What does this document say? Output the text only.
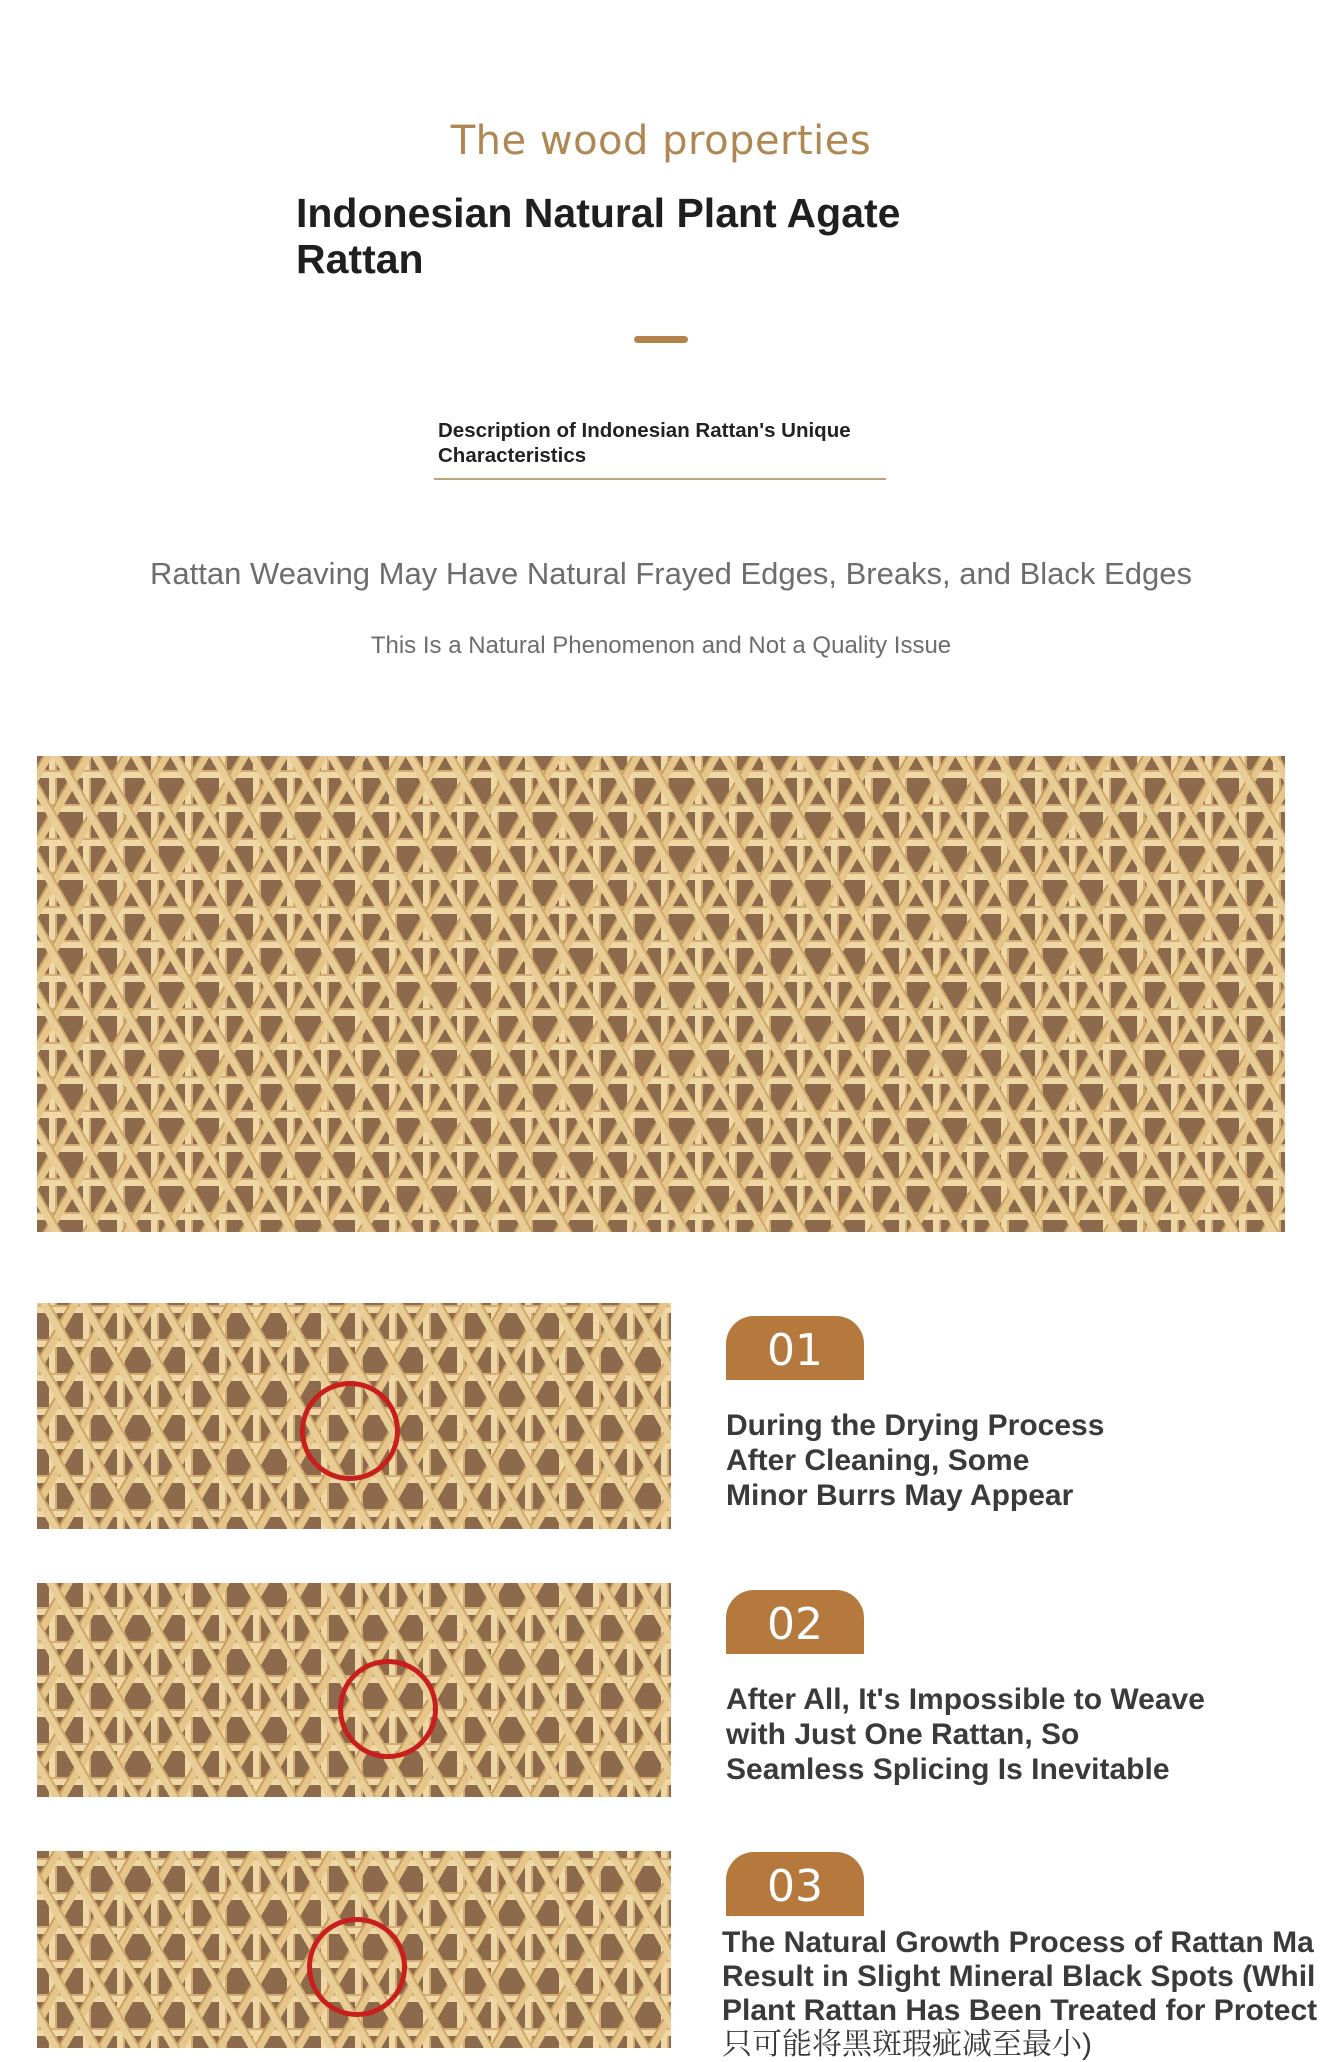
The wood properties
Indonesian Natural Plant Agate Rattan
Description of Indonesian Rattan's Unique Characteristics
Rattan Weaving May Have Natural Frayed Edges, Breaks, and Black Edges
This Is a Natural Phenomenon and Not a Quality Issue
01
During the Drying Process After Cleaning, Some Minor Burrs May Appear
02
After All, It's Impossible to Weave with Just One Rattan, So Seamless Splicing Is Inevitable
03
The Natural Growth Process of Rattan Ma
Result in Slight Mineral Black Spots (Whil
Plant Rattan Has Been Treated for Protect
只可能将黑斑瑕疵减至最小)
